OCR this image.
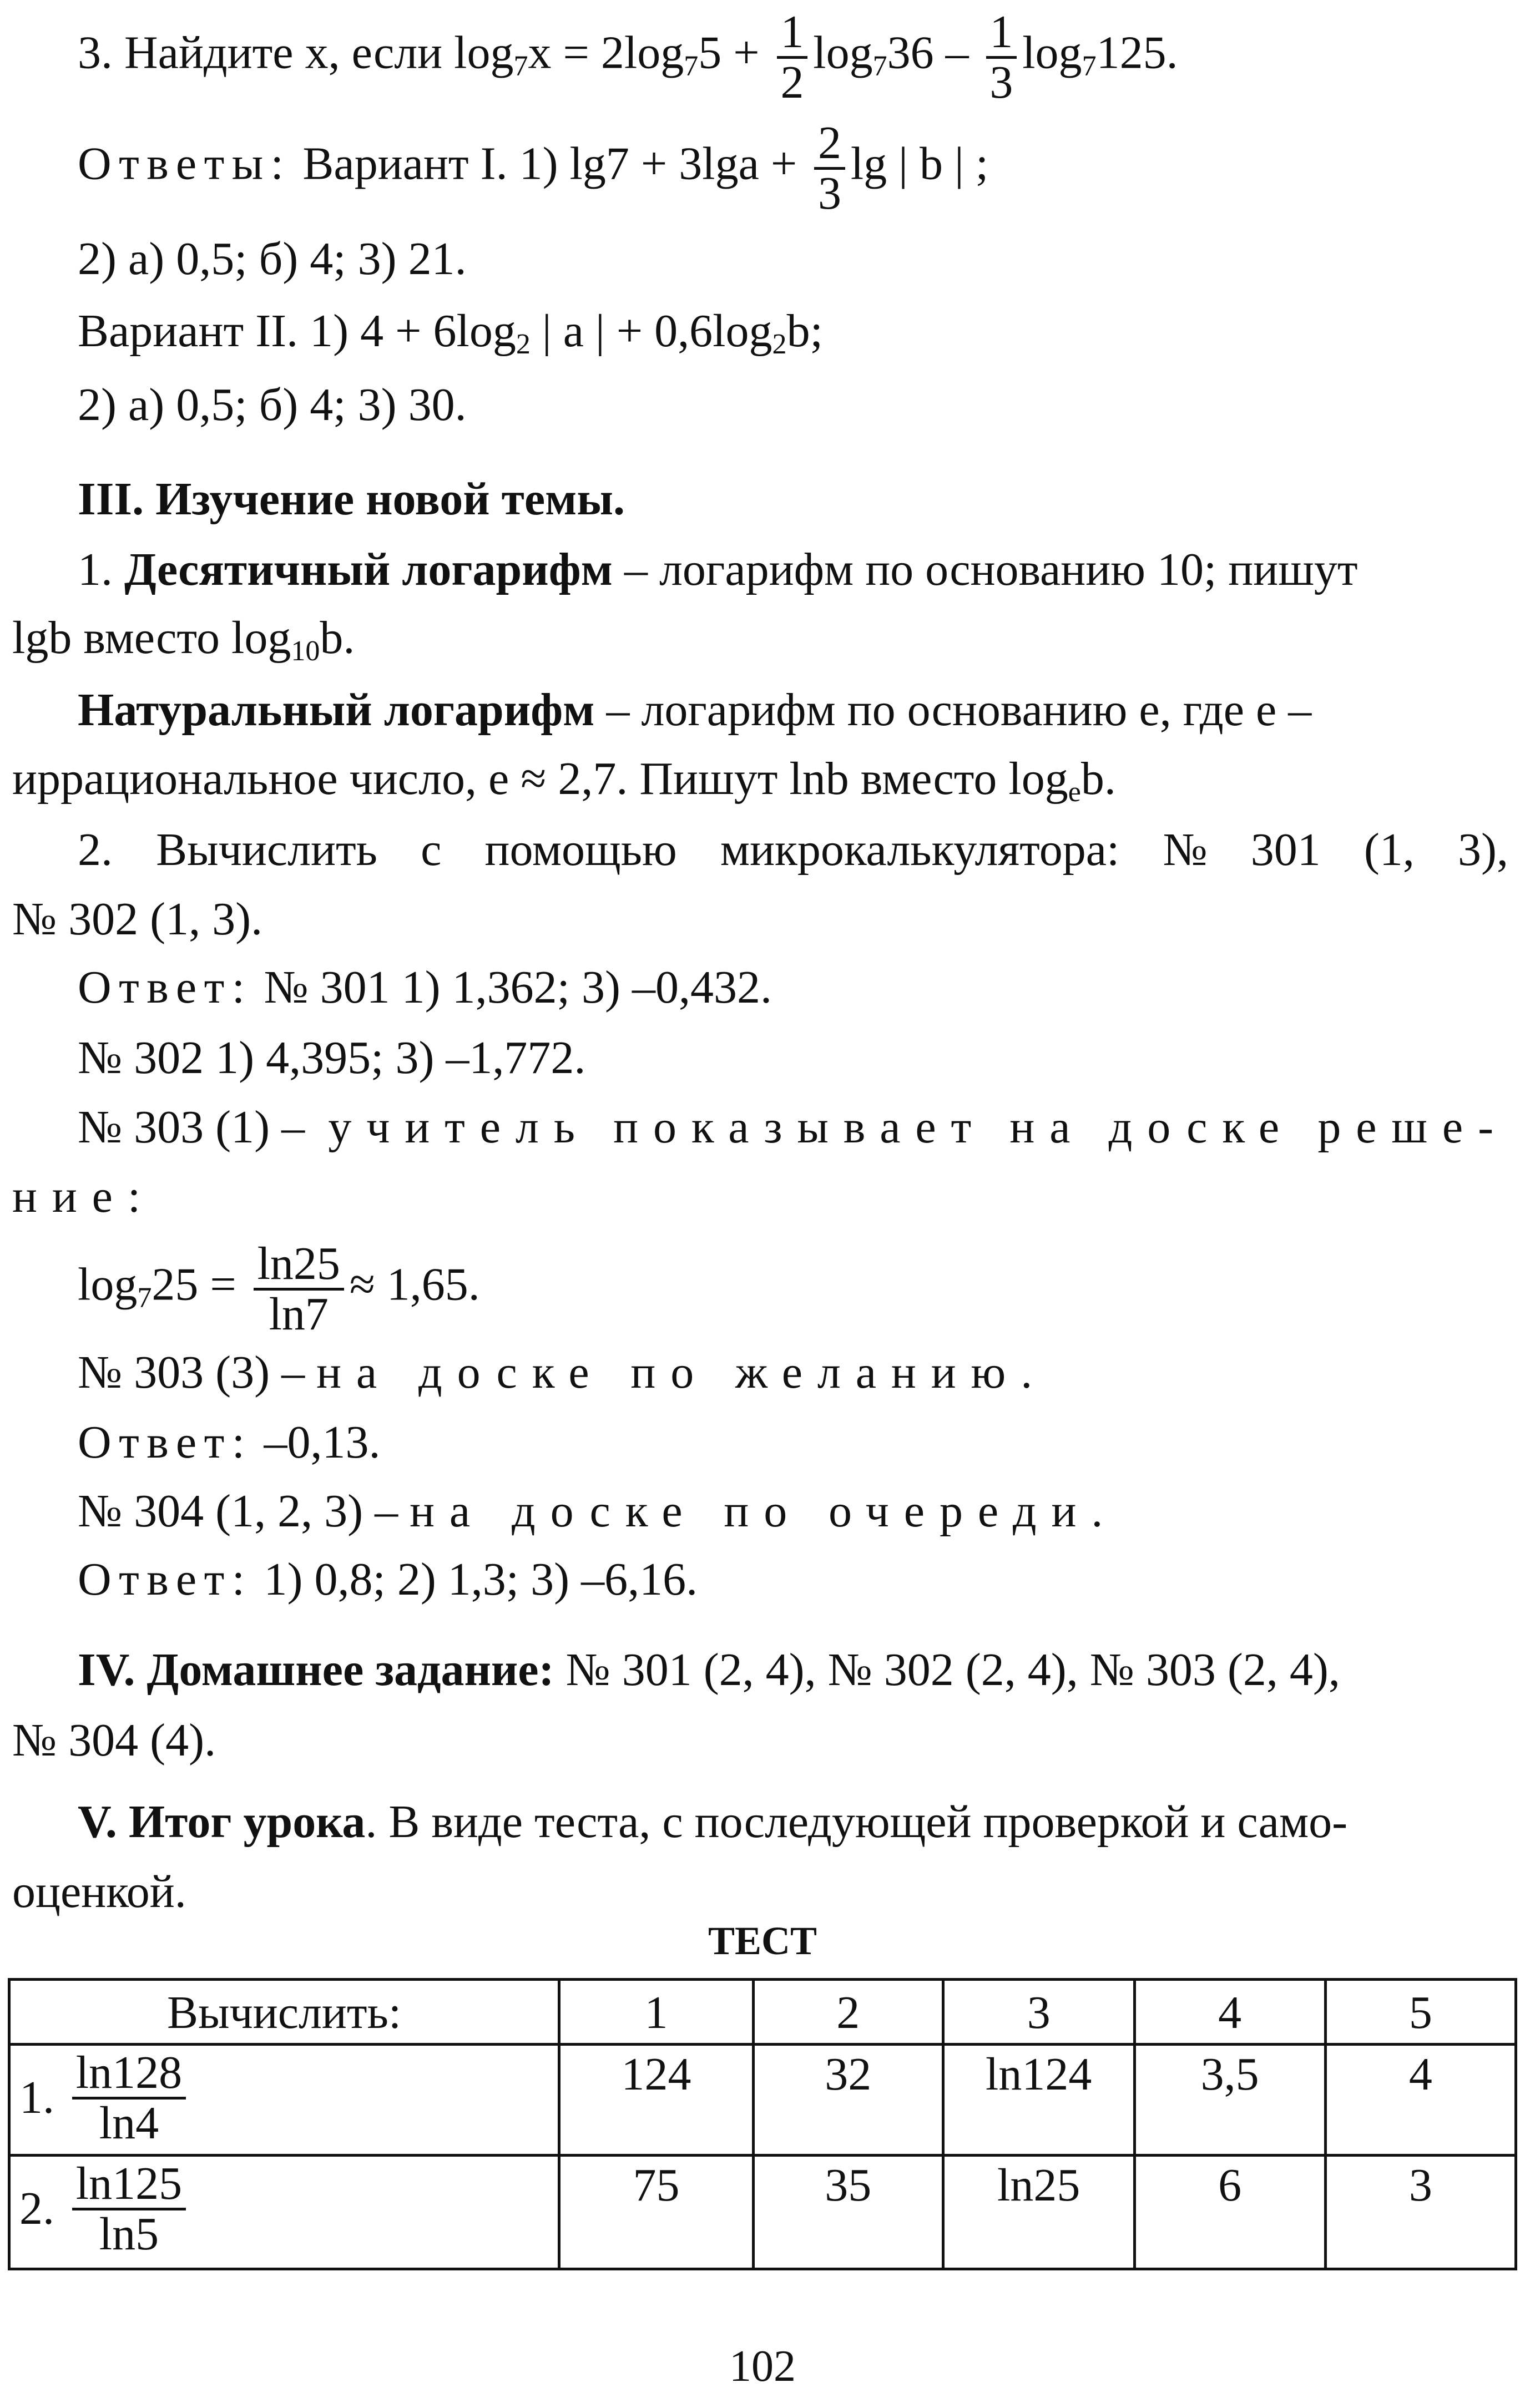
3. Найдите x, если $\log_7x = 2\log_75 + \frac{1}{2} \log_736 - \frac{1}{3} \log_7125$.
Ответы: Вариант I. 1) $\lg 7 + 3\lg a + \frac{2}{3}$ lg | b | ;
2) а) 0,5; б) 4; 3) 21.
Вариант II. 1) $4 + 6\log_2$ | a | + $0,6\log_2b$;
2) а) 0,5; б) 4; 3) 30.
III. Изучение новой темы.
1. Десятичный логарифм – логарифм по основанию 10; пишут
lgb вместо $\log_{10}b$.
Натуральный логарифм – логарифм по основанию e, где e –
иррациональное число, e ≈ 2,7. Пишут lnb вместо $\log_eb$.
2. Вычислить с помощью микрокалькулятора: № 301 (1, 3),
№ 302 (1, 3).
Ответ: № 301 1) 1,362; 3) –0,432.
№ 302 1) 4,395; 3) –1,772.
№ 303 (1) – учитель показывает на доске реше-
ние:
$\log_725 = \frac{\ln 25}{\ln 7} \approx 1,65$.
№ 303 (3) – на доске по желанию.
Ответ: –0,13.
№ 304 (1, 2, 3) – на доске по очереди.
Ответ: 1) 0,8; 2) 1,3; 3) –6,16.
IV. Домашнее задание: № 301 (2, 4), № 302 (2, 4), № 303 (2, 4),
№ 304 (4).
V. Итог урока. В виде теста, с последующей проверкой и само-
оценкой.
ТЕСТ
Вычислить:	1	2	3	4	5
1. $\frac{\ln 128}{\ln 4}$	124	32	ln124	3,5	4
2. $\frac{\ln 125}{\ln 5}$	75	35	ln25	6	3
102
